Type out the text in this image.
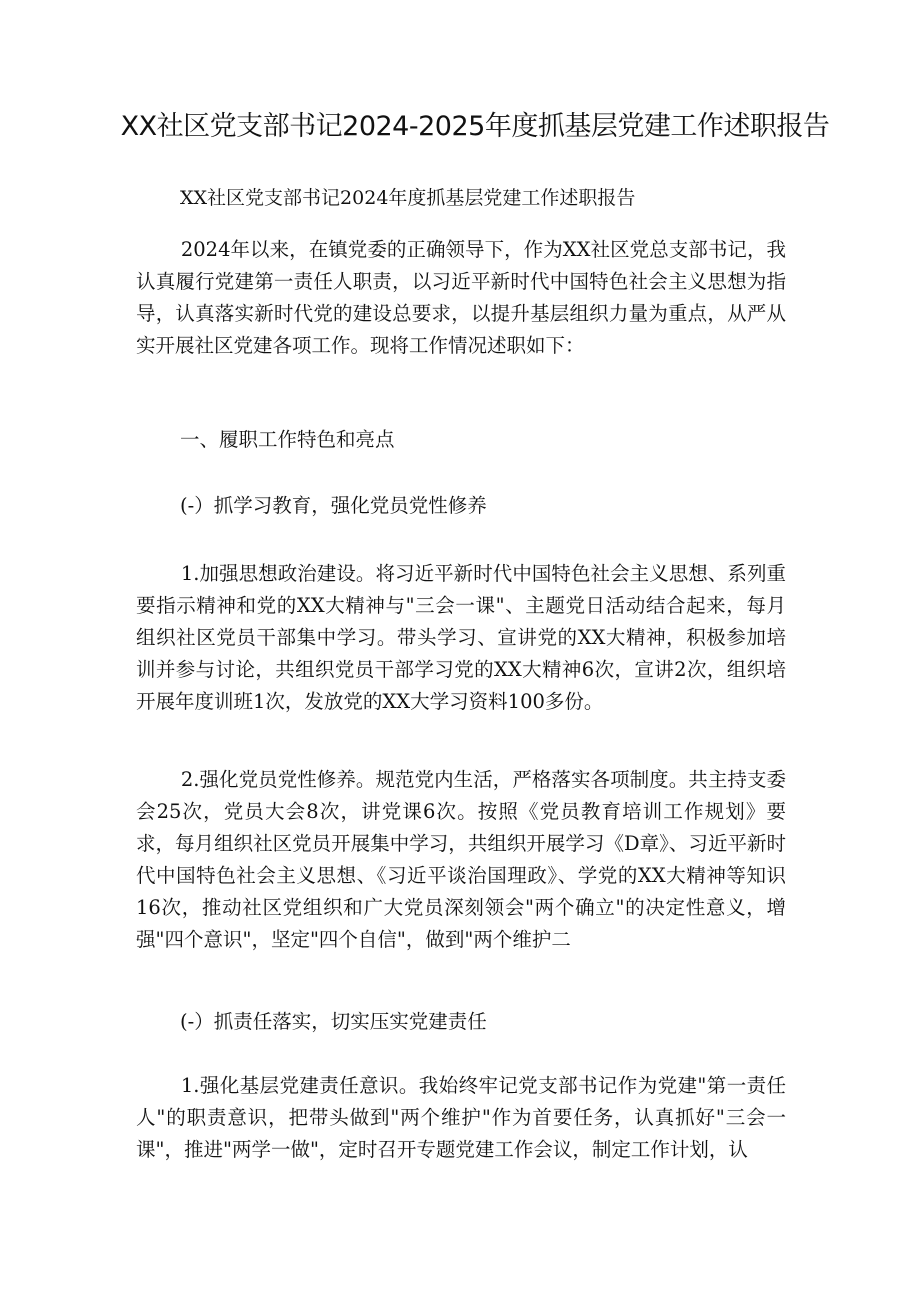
XX社区党支部书记2024-2025年度抓基层党建工作述职报告
XX社区党支部书记2024年度抓基层党建工作述职报告

2024年以来，在镇党委的正确领导下，作为XX社区党总支部书记，我认真履行党建第一责任人职责，以习近平新时代中国特色社会主义思想为指导，认真落实新时代党的建设总要求，以提升基层组织力量为重点，从严从实开展社区党建各项工作。现将工作情况述职如下：

一、履职工作特色和亮点
(-）抓学习教育，强化党员党性修养

1.加强思想政治建设。将习近平新时代中国特色社会主义思想、系列重要指示精神和党的XX大精神与"三会一课"、主题党日活动结合起来，每月组织社区党员干部集中学习。带头学习、宣讲党的XX大精神，积极参加培训并参与讨论，共组织党员干部学习党的XX大精神6次，宣讲2次，组织培开展年度训班1次，发放党的XX大学习资料100多份。

2.强化党员党性修养。规范党内生活，严格落实各项制度。共主持支委会25次，党员大会8次，讲党课6次。按照《党员教育培训工作规划》要求，每月组织社区党员开展集中学习，共组织开展学习《D章》、习近平新时代中国特色社会主义思想、《习近平谈治国理政》、学党的XX大精神等知识16次，推动社区党组织和广大党员深刻领会"两个确立"的决定性意义，增强"四个意识"，坚定"四个自信"，做到"两个维护二

(-）抓责任落实，切实压实党建责任

1.强化基层党建责任意识。我始终牢记党支部书记作为党建"第一责任人"的职责意识，把带头做到"两个维护"作为首要任务，认真抓好"三会一课"，推进"两学一做"，定时召开专题党建工作会议，制定工作计划，认
